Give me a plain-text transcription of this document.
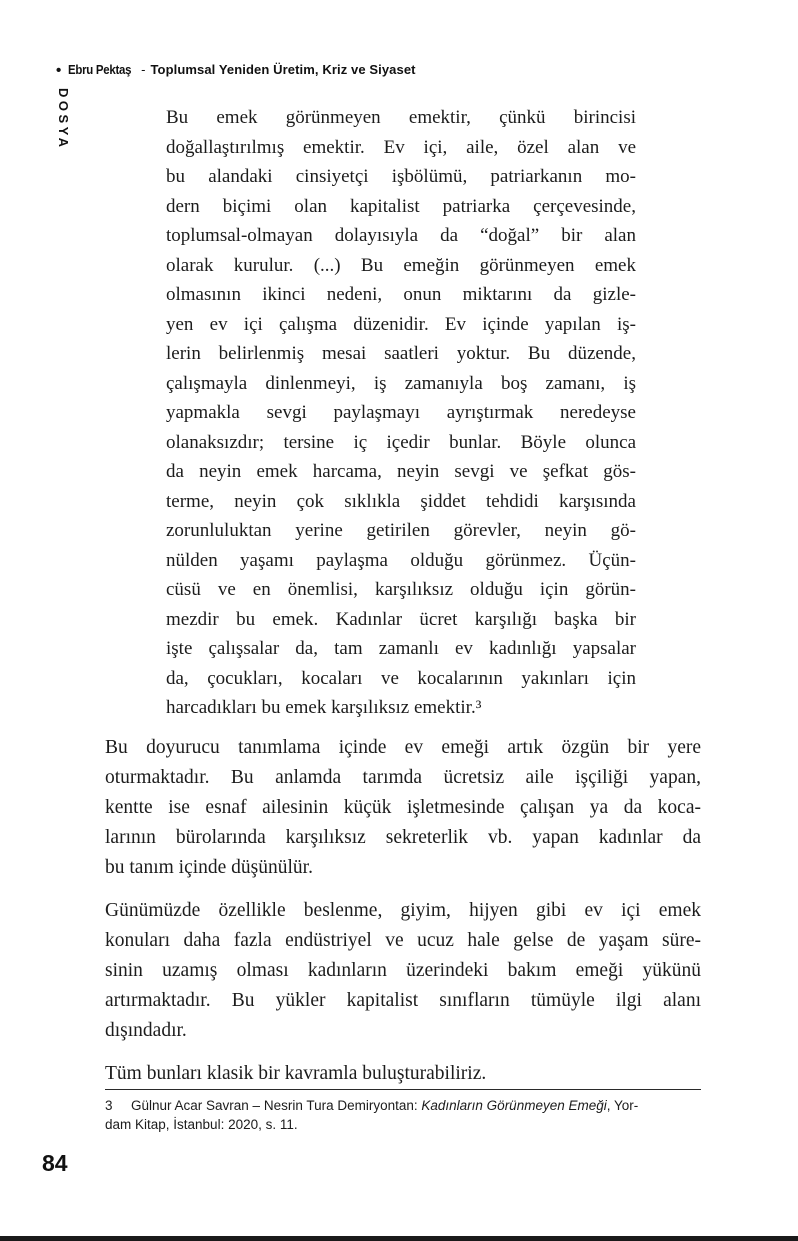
• Ebru Pektaş - Toplumsal Yeniden Üretim, Kriz ve Siyaset
DOSYA	Bu emek görünmeyen emektir, çünkü birincisi
doğallaştırılmış emektir. Ev içi, aile, özel alan ve
bu alandaki cinsiyetçi işbölümü, patriarkanın mo-
dern biçimi olan kapitalist patriarka çerçevesinde,
toplumsal-olmayan dolayısıyla da “doğal” bir alan
olarak kurulur. (...) Bu emeğin görünmeyen emek
olmasının ikinci nedeni, onun miktarını da gizle-
yen ev içi çalışma düzenidir. Ev içinde yapılan iş-
lerin belirlenmiş mesai saatleri yoktur. Bu düzende,
çalışmayla dinlenmeyi, iş zamanıyla boş zamanı, iş
yapmakla sevgi paylaşmayı ayrıştırmak neredeyse
olanaksızdır; tersine iç içedir bunlar. Böyle olunca
da neyin emek harcama, neyin sevgi ve şefkat gös-
terme, neyin çok sıklıkla şiddet tehdidi karşısında
zorunluluktan yerine getirilen görevler, neyin gö-
nülden yaşamı paylaşma olduğu görünmez. Üçün-
cüsü ve en önemlisi, karşılıksız olduğu için görün-
mezdir bu emek. Kadınlar ücret karşılığı başka bir
işte çalışsalar da, tam zamanlı ev kadınlığı yapsalar
da, çocukları, kocaları ve kocalarının yakınları için
harcadıkları bu emek karşılıksız emektir.³

Bu doyurucu tanımlama içinde ev emeği artık özgün bir yere
oturmaktadır. Bu anlamda tarımda ücretsiz aile işçiliği yapan,
kentte ise esnaf ailesinin küçük işletmesinde çalışan ya da koca-
larının bürolarında karşılıksız sekreterlik vb. yapan kadınlar da
bu tanım içinde düşünülür.

Günümüzde özellikle beslenme, giyim, hijyen gibi ev içi emek
konuları daha fazla endüstriyel ve ucuz hale gelse de yaşam süre-
sinin uzamış olması kadınların üzerindeki bakım emeği yükünü
artırmaktadır. Bu yükler kapitalist sınıfların tümüyle ilgi alanı
dışındadır.

Tüm bunları klasik bir kavramla buluşturabiliriz.

3 Gülnur Acar Savran – Nesrin Tura Demiryontan: Kadınların Görünmeyen Emeği, Yor-
dam Kitap, İstanbul: 2020, s. 11.
84
